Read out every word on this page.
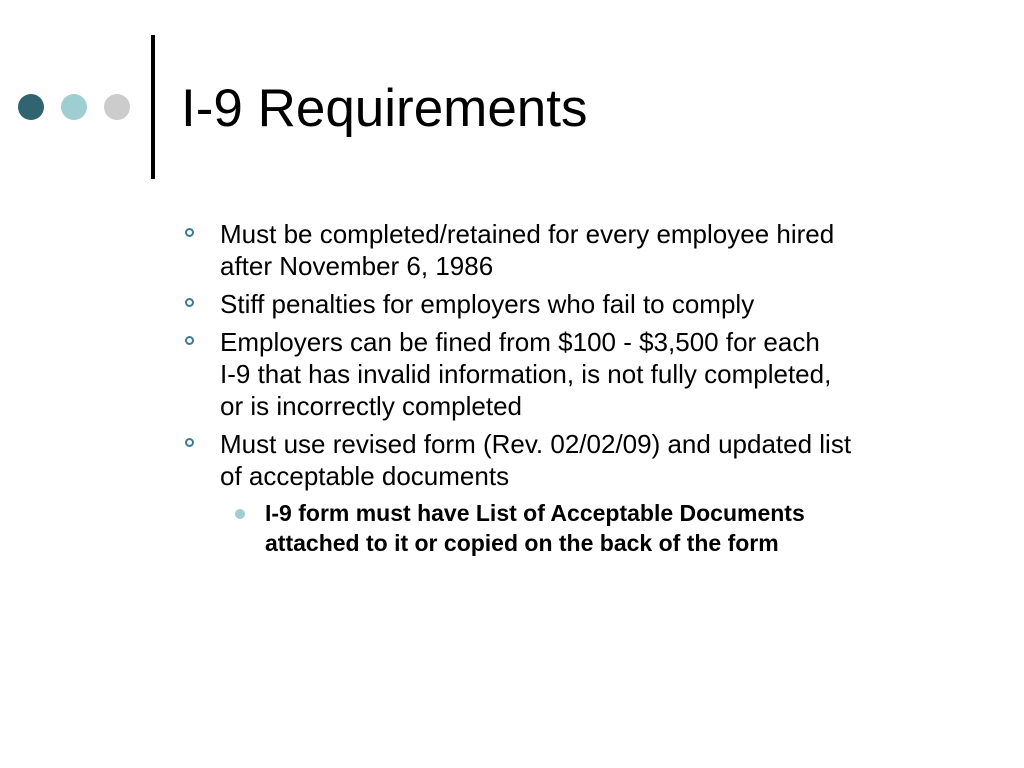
I-9 Requirements
Must be completed/retained for every employee hired
after November 6, 1986
Stiff penalties for employers who fail to comply
Employers can be fined from $100 - $3,500 for each
I-9 that has invalid information, is not fully completed,
or is incorrectly completed
Must use revised form (Rev. 02/02/09) and updated list
of acceptable documents
I-9 form must have List of Acceptable Documents
attached to it or copied on the back of the form
